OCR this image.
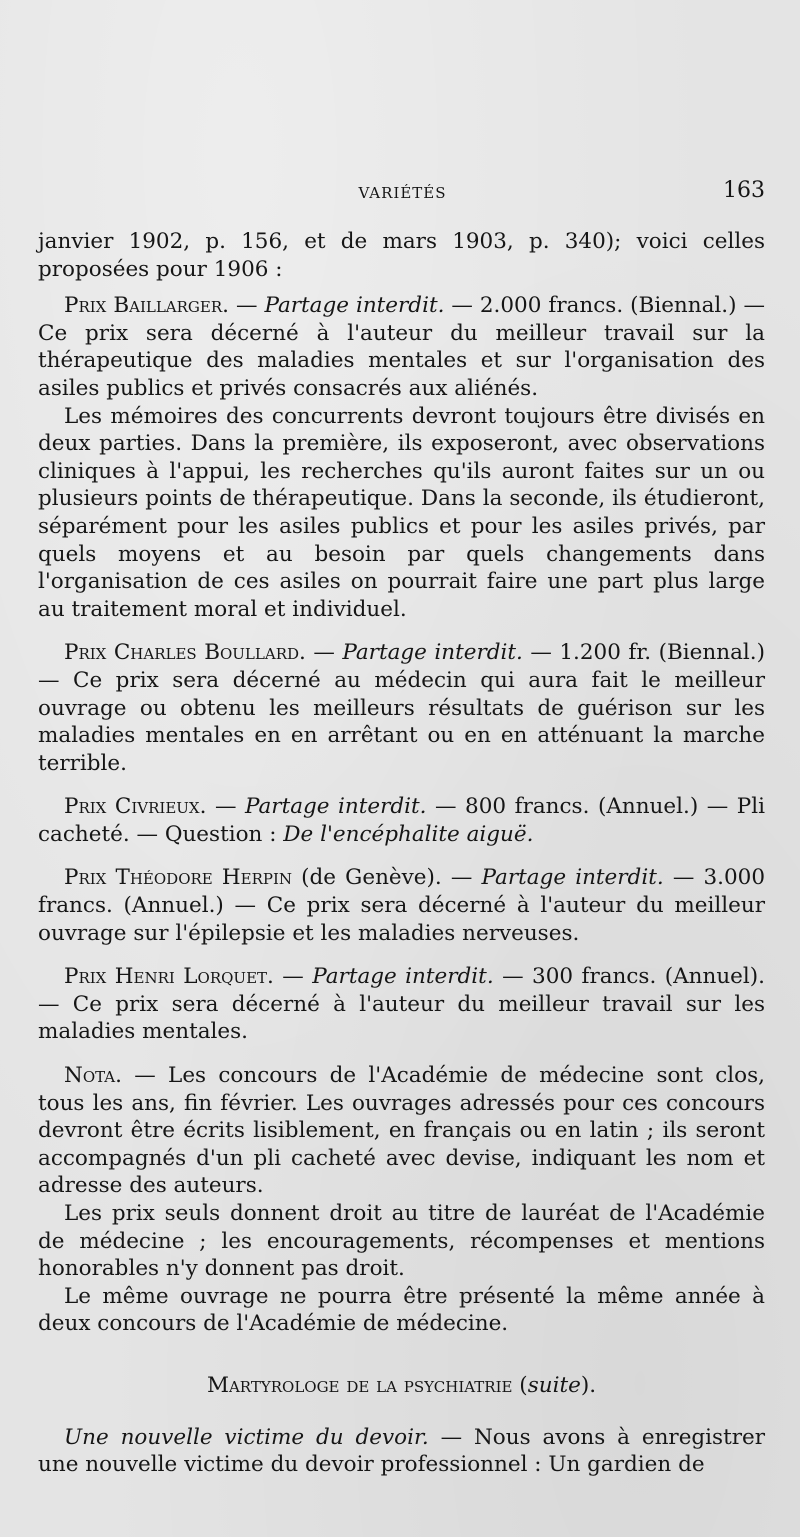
VARIÉTÉS	163

janvier 1902, p. 156, et de mars 1903, p. 340); voici celles proposées pour 1906 :

Prix Baillarger. — Partage interdit. — 2.000 francs. (Biennal.) — Ce prix sera décerné à l'auteur du meilleur travail sur la thérapeutique des maladies mentales et sur l'organisation des asiles publics et privés consacrés aux aliénés.

Les mémoires des concurrents devront toujours être divisés en deux parties. Dans la première, ils exposeront, avec observations cliniques à l'appui, les recherches qu'ils auront faites sur un ou plusieurs points de thérapeutique. Dans la seconde, ils étudieront, séparément pour les asiles publics et pour les asiles privés, par quels moyens et au besoin par quels changements dans l'organisation de ces asiles on pourrait faire une part plus large au traitement moral et individuel.

Prix Charles Boullard. — Partage interdit. — 1.200 fr. (Biennal.) — Ce prix sera décerné au médecin qui aura fait le meilleur ouvrage ou obtenu les meilleurs résultats de guérison sur les maladies mentales en en arrêtant ou en en atténuant la marche terrible.

Prix Civrieux. — Partage interdit. — 800 francs. (Annuel.) — Pli cacheté. — Question : De l'encéphalite aiguë.

Prix Théodore Herpin (de Genève). — Partage interdit. — 3.000 francs. (Annuel.) — Ce prix sera décerné à l'auteur du meilleur ouvrage sur l'épilepsie et les maladies nerveuses.

Prix Henri Lorquet. — Partage interdit. — 300 francs. (Annuel). — Ce prix sera décerné à l'auteur du meilleur travail sur les maladies mentales.

Nota. — Les concours de l'Académie de médecine sont clos, tous les ans, fin février. Les ouvrages adressés pour ces concours devront être écrits lisiblement, en français ou en latin ; ils seront accompagnés d'un pli cacheté avec devise, indiquant les nom et adresse des auteurs.

Les prix seuls donnent droit au titre de lauréat de l'Académie de médecine ; les encouragements, récompenses et mentions honorables n'y donnent pas droit.

Le même ouvrage ne pourra être présenté la même année à deux concours de l'Académie de médecine.

Martyrologe de la psychiatrie (suite).

Une nouvelle victime du devoir. — Nous avons à enregistrer une nouvelle victime du devoir professionnel : Un gardien de
